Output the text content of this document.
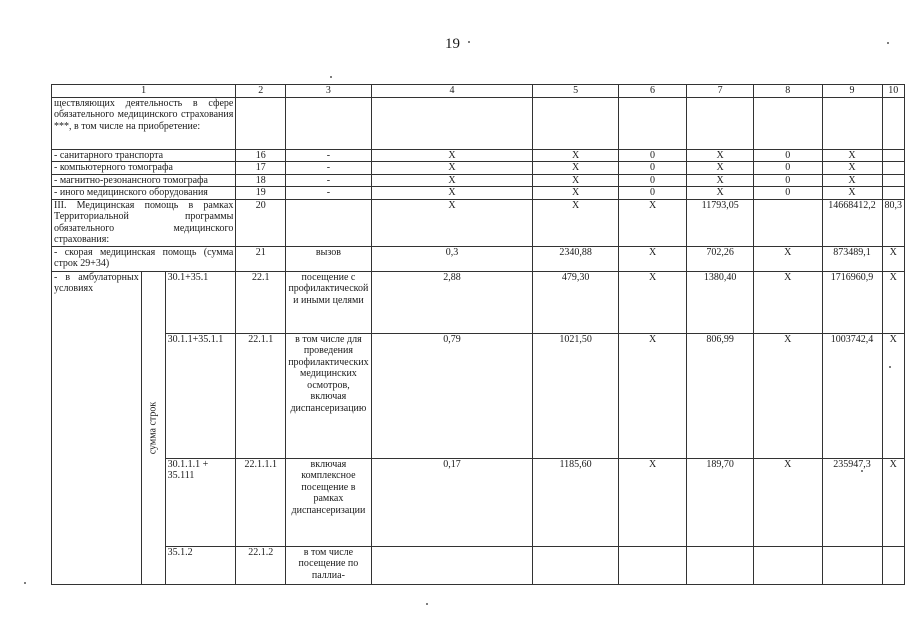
19
1			2	3	4	5	6	7	8	9	10
ществляющих деятельность в сфере обязательного медицинского страхования ***, в том числе на приобретение:											
- санитарного транспорта			16	-	X	X	0	X	0	X	
- компьютерного томографа			17	-	X	X	0	X	0	X	
- магнитно-резонансного томографа			18	-	X	X	0	X	0	X	
- иного медицинского оборудования			19	-	X	X	0	X	0	X	
III. Медицинская помощь в рамках Территориальной программы обязательного медицинского страхования:			20		X	X	X	11793,05		14668412,2	80,3
- скорая медицинская помощь (сумма строк 29+34)			21	вызов	0,3	2340,88	X	702,26	X	873489,1	X
- в амбулаторных условиях	сумма строк	30.1+35.1	22.1	посещение с профилактической и иными целями	2,88	479,30	X	1380,40	X	1716960,9	X
		30.1.1+35.1.1	22.1.1	в том числе для проведения профилактических медицинских осмотров, включая диспансеризацию	0,79	1021,50	X	806,99	X	1003742,4	X
		30.1.1.1 + 35.111	22.1.1.1	включая комплексное посещение в рамках диспансеризации	0,17	1185,60	X	189,70	X	235947,3	X
		35.1.2	22.1.2	в том числе посещение по паллиа-							
